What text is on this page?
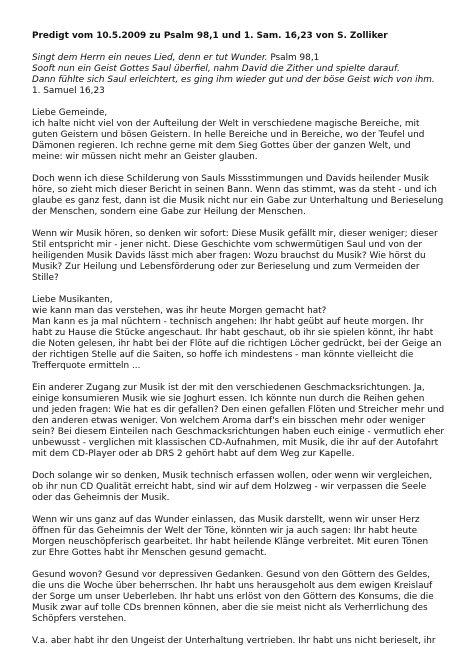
Predigt vom 10.5.2009 zu Psalm 98,1 und 1. Sam. 16,23 von S. Zolliker
Singt dem Herrn ein neues Lied, denn er tut Wunder. Psalm 98,1
Sooft nun ein Geist Gottes Saul überfiel, nahm David die Zither und spielte darauf.
Dann fühlte sich Saul erleichtert, es ging ihm wieder gut und der böse Geist wich von ihm.
1. Samuel 16,23
Liebe Gemeinde,
ich halte nicht viel von der Aufteilung der Welt in verschiedene magische Bereiche, mit
guten Geistern und bösen Geistern. In helle Bereiche und in Bereiche, wo der Teufel und
Dämonen regieren. Ich rechne gerne mit dem Sieg Gottes über der ganzen Welt, und
meine: wir müssen nicht mehr an Geister glauben.
Doch wenn ich diese Schilderung von Sauls Missstimmungen und Davids heilender Musik
höre, so zieht mich dieser Bericht in seinen Bann. Wenn das stimmt, was da steht - und ich
glaube es ganz fest, dann ist die Musik nicht nur ein Gabe zur Unterhaltung und Berieselung
der Menschen, sondern eine Gabe zur Heilung der Menschen.
Wenn wir Musik hören, so denken wir sofort: Diese Musik gefällt mir, dieser weniger; dieser
Stil entspricht mir - jener nicht. Diese Geschichte vom schwermütigen Saul und von der
heiligenden Musik Davids lässt mich aber fragen: Wozu brauchst du Musik? Wie hörst du
Musik? Zur Heilung und Lebensförderung oder zur Berieselung und zum Vermeiden der
Stille?
Liebe Musikanten,
wie kann man das verstehen, was ihr heute Morgen gemacht hat?
Man kann es ja mal nüchtern - technisch angehen: Ihr habt geübt auf heute morgen. Ihr
habt zu Hause die Stücke angeschaut. Ihr habt geschaut, ob ihr sie spielen könnt, ihr habt
die Noten gelesen, ihr habt bei der Flöte auf die richtigen Löcher gedrückt, bei der Geige an
der richtigen Stelle auf die Saiten, so hoffe ich mindestens - man könnte vielleicht die
Trefferquote ermitteln ...
Ein anderer Zugang zur Musik ist der mit den verschiedenen Geschmacksrichtungen. Ja,
einige konsumieren Musik wie sie Joghurt essen. Ich könnte nun durch die Reihen gehen
und jeden fragen: Wie hat es dir gefallen? Den einen gefallen Flöten und Streicher mehr und
den anderen etwas weniger. Von welchem Aroma darf's ein bisschen mehr oder weniger
sein? Bei diesem Einteilen nach Geschmacksrichtungen haben euch einige - vermutlich eher
unbewusst - verglichen mit klassischen CD-Aufnahmen, mit Musik, die ihr auf der Autofahrt
mit dem CD-Player oder ab DRS 2 gehört habt auf dem Weg zur Kapelle.
Doch solange wir so denken, Musik technisch erfassen wollen, oder wenn wir vergleichen,
ob ihr nun CD Qualität erreicht habt, sind wir auf dem Holzweg - wir verpassen die Seele
oder das Geheimnis der Musik.
Wenn wir uns ganz auf das Wunder einlassen, das Musik darstellt, wenn wir unser Herz
öffnen für das Geheimnis der Welt der Töne, könnten wir ja auch sagen: Ihr habt heute
Morgen neuschöpferisch gearbeitet. Ihr habt heilende Klänge verbreitet. Mit euren Tönen
zur Ehre Gottes habt ihr Menschen gesund gemacht.
Gesund wovon? Gesund vor depressiven Gedanken. Gesund von den Göttern des Geldes,
die uns die Woche über beherrschen. Ihr habt uns herausgeholt aus dem ewigen Kreislauf
der Sorge um unser Ueberleben. Ihr habt uns erlöst von den Göttern des Konsums, die die
Musik zwar auf tolle CDs brennen können, aber die sie meist nicht als Verherrlichung des
Schöpfers verstehen.
V.a. aber habt ihr den Ungeist der Unterhaltung vertrieben. Ihr habt uns nicht berieselt, ihr
